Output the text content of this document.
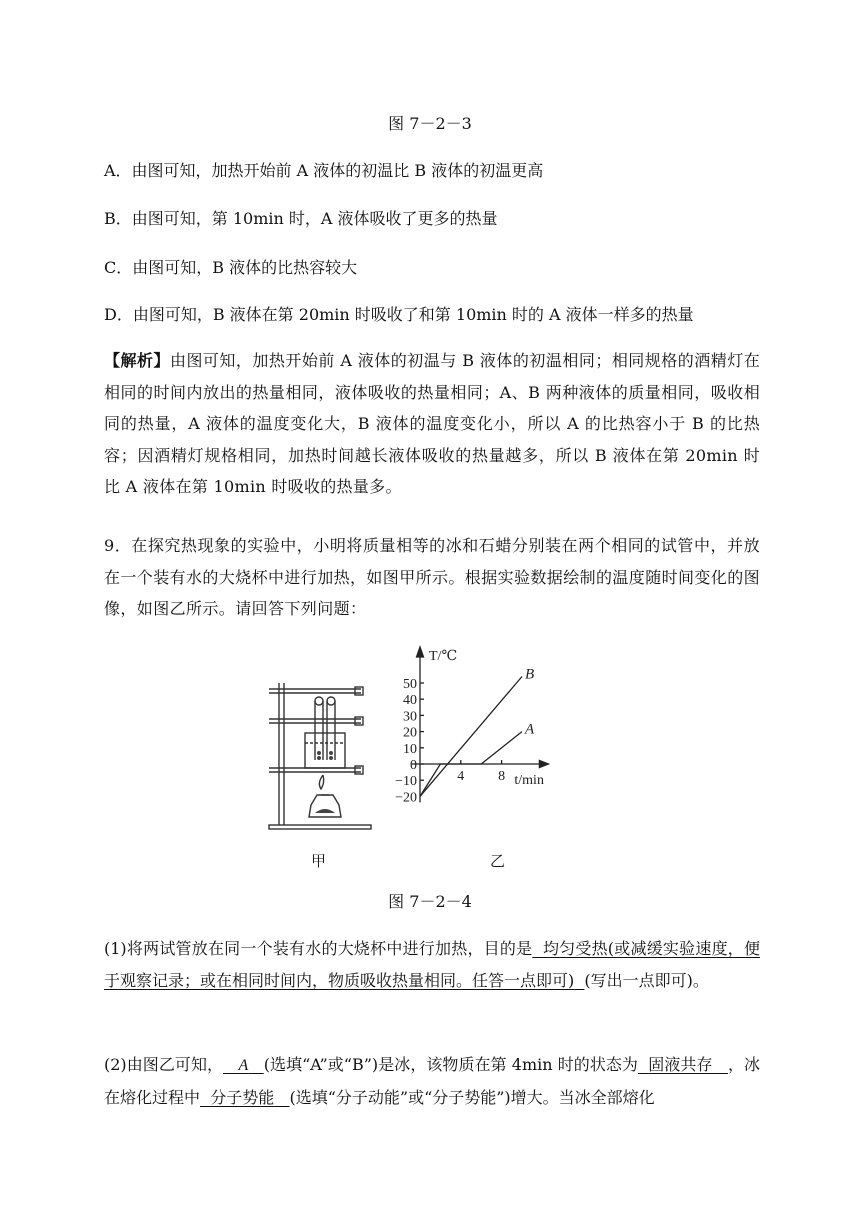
图 7－2－3
A．由图可知，加热开始前 A 液体的初温比 B 液体的初温更高
B．由图可知，第 10min 时，A 液体吸收了更多的热量
C．由图可知，B 液体的比热容较大
D．由图可知，B 液体在第 20min 时吸收了和第 10min 时的 A 液体一样多的热量
【解析】由图可知，加热开始前 A 液体的初温与 B 液体的初温相同；相同规格的酒精灯在相同的时间内放出的热量相同，液体吸收的热量相同；A、B 两种液体的质量相同，吸收相同的热量，A 液体的温度变化大，B 液体的温度变化小，所以 A 的比热容小于 B 的比热容；因酒精灯规格相同，加热时间越长液体吸收的热量越多，所以 B 液体在第 20min 时比 A 液体在第 10min 时吸收的热量多。
9．在探究热现象的实验中，小明将质量相等的冰和石蜡分别装在两个相同的试管中，并放在一个装有水的大烧杯中进行加热，如图甲所示。根据实验数据绘制的温度随时间变化的图像，如图乙所示。请回答下列问题：
50
40
30
20
10
0
−10
−20
4 8
T/℃
t/min
B
A
甲	乙
图 7－2－4
(1)将两试管放在同一个装有水的大烧杯中进行加热，目的是 均匀受热(或减缓实验速度，便于观察记录；或在相同时间内，物质吸收热量相同。任答一点即可) (写出一点即可)。
(2)由图乙可知， A (选填“A”或“B”)是冰，该物质在第 4min 时的状态为 固液共存 ，冰在熔化过程中 分子势能 (选填“分子动能”或“分子势能”)增大。当冰全部熔化
